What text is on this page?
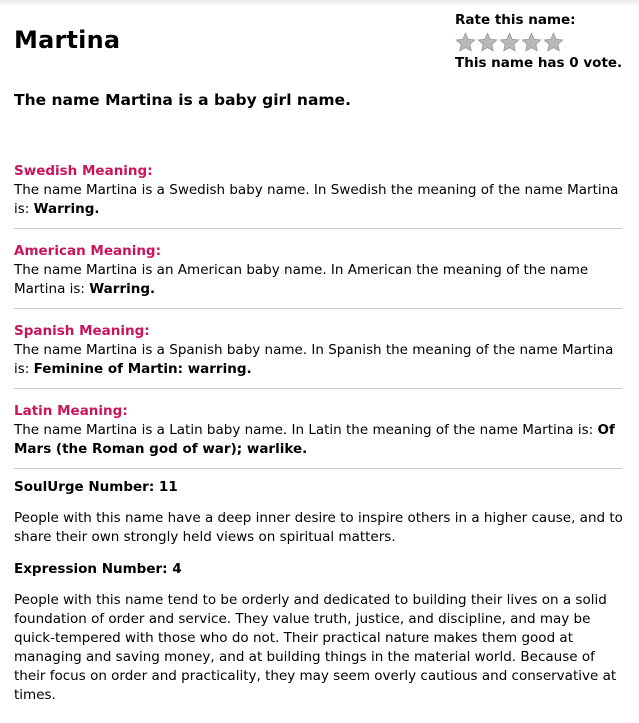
Martina
Rate this name:
This name has 0 vote.
The name Martina is a baby girl name.
Swedish Meaning:
The name Martina is a Swedish baby name. In Swedish the meaning of the name Martina is: Warring.
American Meaning:
The name Martina is an American baby name. In American the meaning of the name Martina is: Warring.
Spanish Meaning:
The name Martina is a Spanish baby name. In Spanish the meaning of the name Martina is: Feminine of Martin: warring.
Latin Meaning:
The name Martina is a Latin baby name. In Latin the meaning of the name Martina is: Of Mars (the Roman god of war); warlike.
SoulUrge Number: 11
People with this name have a deep inner desire to inspire others in a higher cause, and to share their own strongly held views on spiritual matters.
Expression Number: 4
People with this name tend to be orderly and dedicated to building their lives on a solid foundation of order and service. They value truth, justice, and discipline, and may be quick-tempered with those who do not. Their practical nature makes them good at managing and saving money, and at building things in the material world. Because of their focus on order and practicality, they may seem overly cautious and conservative at times.
